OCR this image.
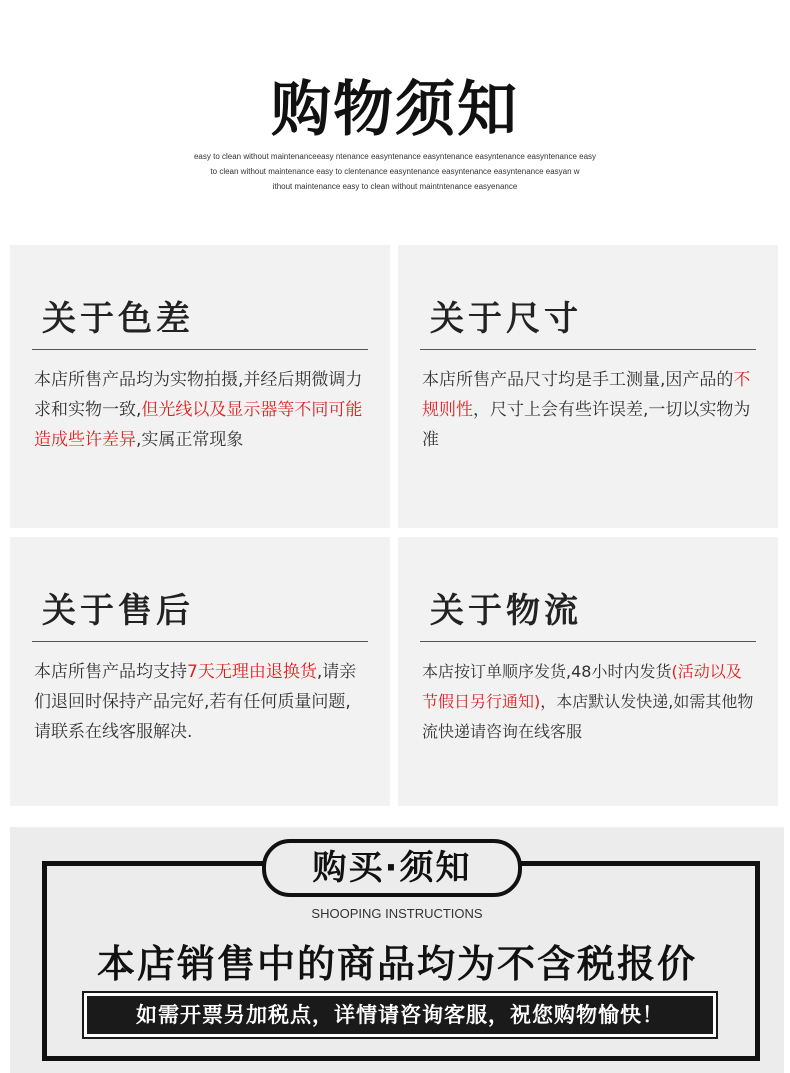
购物须知
easy to clean without maintenanceeasy ntenance easyntenance easyntenance easyntenance easyntenance easy
to clean without maintenance easy to clentenance easyntenance easyntenance easyntenance easyan w
ithout maintenance easy to clean without maintntenance easyenance
关于色差
本店所售产品均为实物拍摄,并经后期微调力求和实物一致,但光线以及显示器等不同可能造成些许差异,实属正常现象
关于尺寸
本店所售产品尺寸均是手工测量,因产品的不规则性，尺寸上会有些许误差,一切以实物为准
关于售后
本店所售产品均支持7天无理由退换货,请亲们退回时保持产品完好,若有任何质量问题,请联系在线客服解决.
关于物流
本店按订单顺序发货,48小时内发货(活动以及节假日另行通知)，本店默认发快递,如需其他物流快递请咨询在线客服
购买·须知
SHOOPING INSTRUCTIONS
本店销售中的商品均为不含税报价
如需开票另加税点，详情请咨询客服，祝您购物愉快！
